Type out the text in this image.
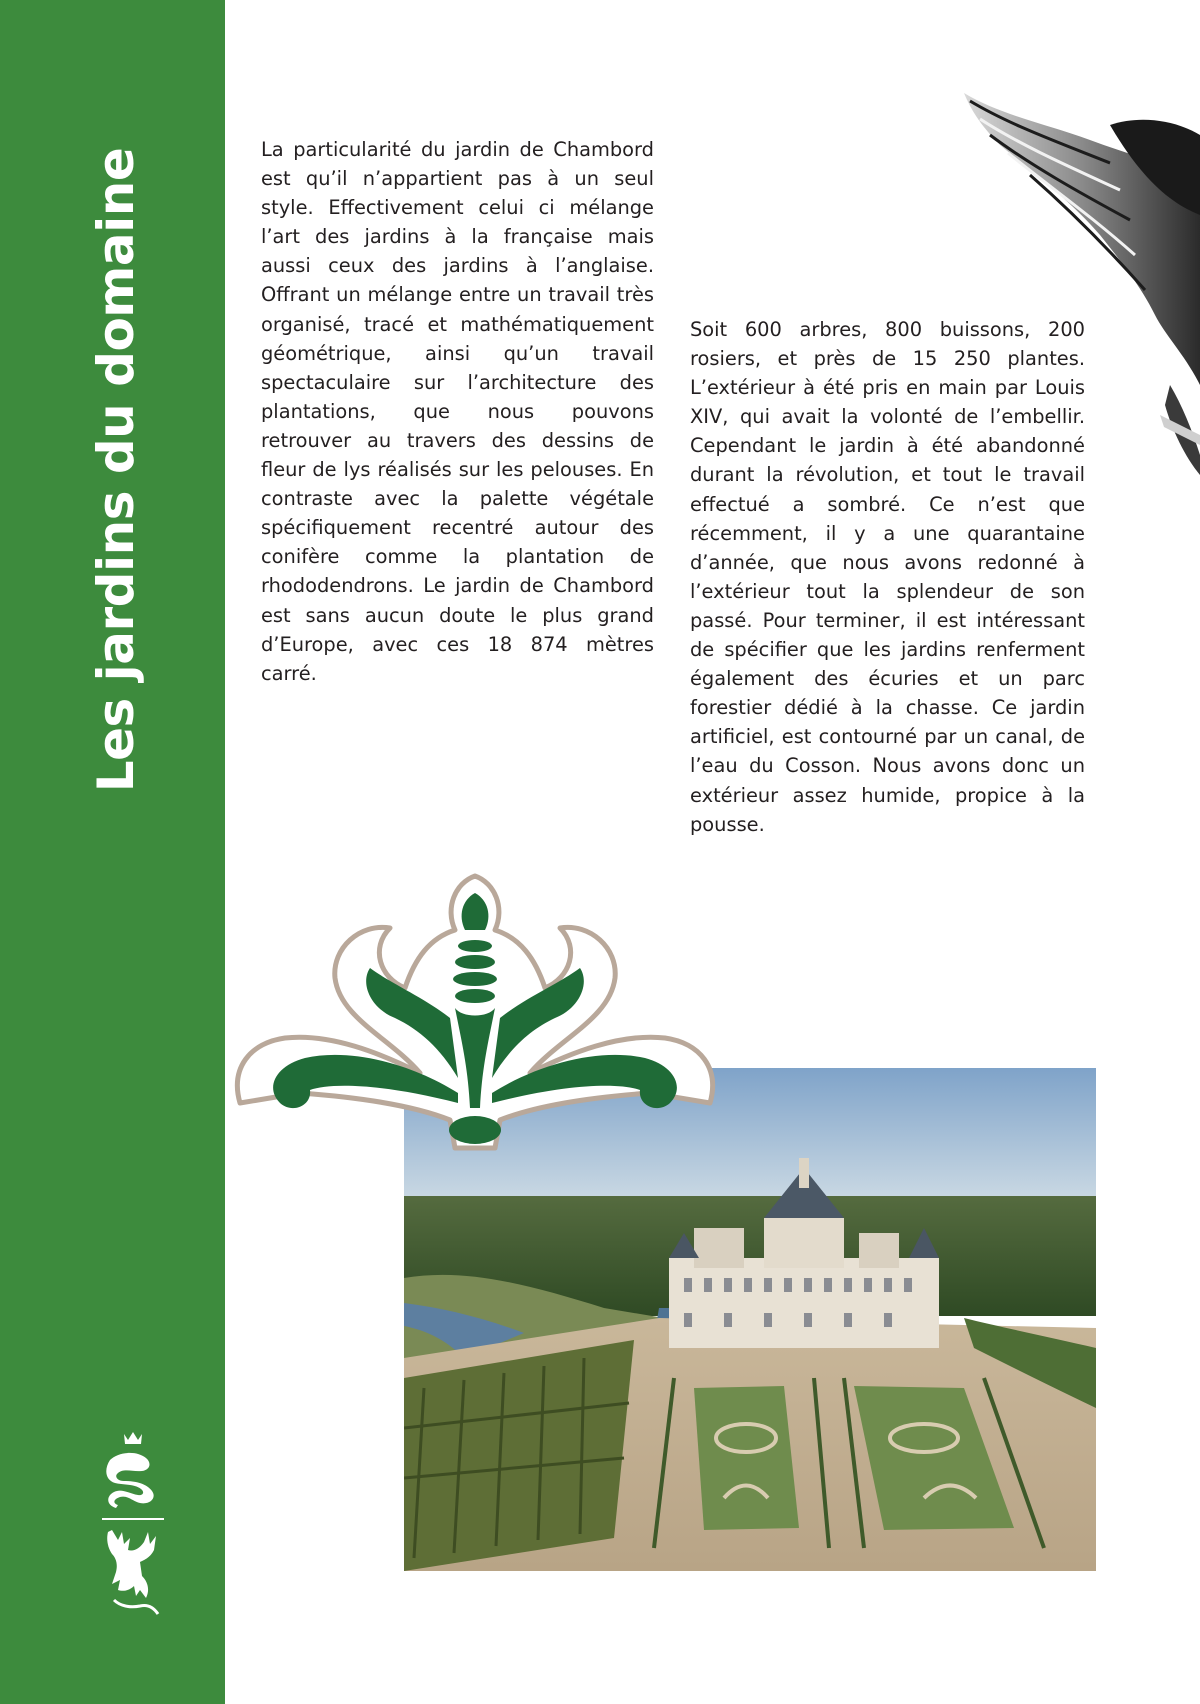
Les jardins du domaine	La particularité du jardin de Chambord est qu’il n’appartient pas à un seul style. Effectivement celui ci mélange l’art des jardins à la française mais aussi ceux des jardins à l’anglaise. Offrant un mélange entre un travail très organisé, tracé et mathématiquement géométrique, ainsi qu’un travail spectaculaire sur l’architecture des plantations, que nous pouvons retrouver au travers des dessins de fleur de lys réalisés sur les pelouses. En contraste avec la palette végétale spécifiquement recentré autour des conifère comme la plantation de rhododendrons. Le jardin de Chambord est sans aucun doute le plus grand d’Europe, avec ces 18 874 mètres carré.
Soit 600 arbres, 800 buissons, 200 rosiers, et près de 15 250 plantes. L’extérieur à été pris en main par Louis XIV, qui avait la volonté de l’embellir. Cependant le jardin à été abandonné durant la révolution, et tout le travail effectué a sombré. Ce n’est que récemment, il y a une quarantaine d’année, que nous avons redonné à l’extérieur tout la splendeur de son passé. Pour terminer, il est intéressant de spécifier que les jardins renferment également des écuries et un parc forestier dédié à la chasse. Ce jardin artificiel, est contourné par un canal, de l’eau du Cosson. Nous avons donc un extérieur assez humide, propice à la pousse.
